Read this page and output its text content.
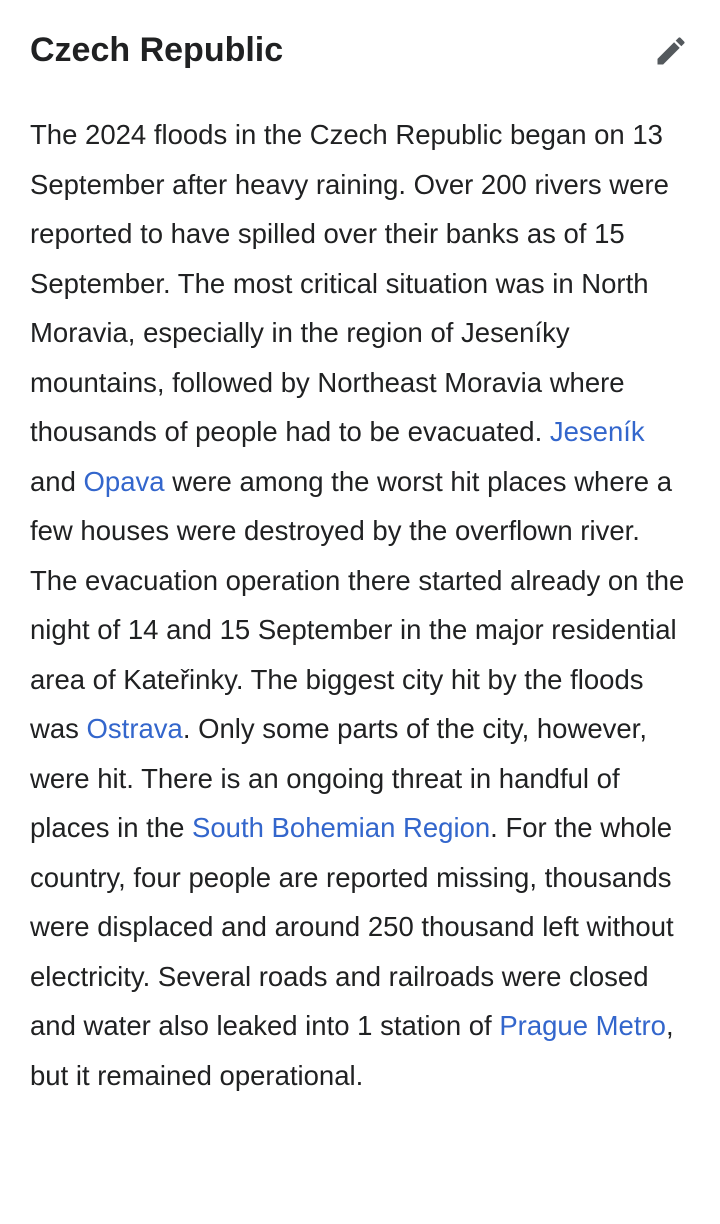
Czech Republic

The 2024 floods in the Czech Republic began on 13 September after heavy raining. Over 200 rivers were reported to have spilled over their banks as of 15 September. The most critical situation was in North Moravia, especially in the region of Jeseníky mountains, followed by Northeast Moravia where thousands of people had to be evacuated. Jeseník and Opava were among the worst hit places where a few houses were destroyed by the overflown river. The evacuation operation there started already on the night of 14 and 15 September in the major residential area of Kateřinky. The biggest city hit by the floods was Ostrava. Only some parts of the city, however, were hit. There is an ongoing threat in handful of places in the South Bohemian Region. For the whole country, four people are reported missing, thousands were displaced and around 250 thousand left without electricity. Several roads and railroads were closed and water also leaked into 1 station of Prague Metro, but it remained operational.
